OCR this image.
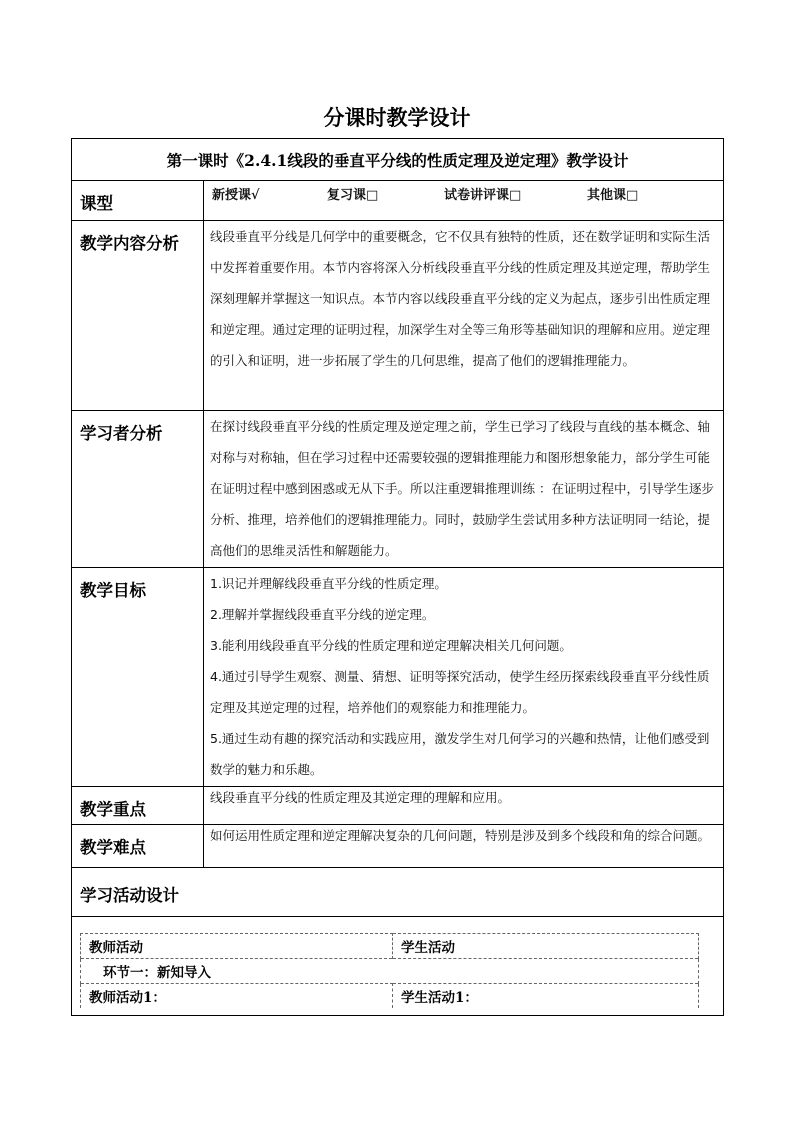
分课时教学设计
第一课时《2.4.1线段的垂直平分线的性质定理及逆定理》教学设计
课型	新授课√	复习课□	试卷讲评课□	其他课□

教学内容分析	线段垂直平分线是几何学中的重要概念，它不仅具有独特的性质，还在数学证明和实际生活中发挥着重要作用。本节内容将深入分析线段垂直平分线的性质定理及其逆定理，帮助学生深刻理解并掌握这一知识点。本节内容以线段垂直平分线的定义为起点，逐步引出性质定理和逆定理。通过定理的证明过程，加深学生对全等三角形等基础知识的理解和应用。逆定理的引入和证明，进一步拓展了学生的几何思维，提高了他们的逻辑推理能力。

学习者分析	在探讨线段垂直平分线的性质定理及逆定理之前，学生已学习了线段与直线的基本概念、轴对称与对称轴，但在学习过程中还需要较强的逻辑推理能力和图形想象能力，部分学生可能在证明过程中感到困惑或无从下手。所以注重逻辑推理训练 ：在证明过程中，引导学生逐步分析、推理，培养他们的逻辑推理能力。同时，鼓励学生尝试用多种方法证明同一结论，提高他们的思维灵活性和解题能力。

教学目标	1.识记并理解线段垂直平分线的性质定理。

2.理解并掌握线段垂直平分线的逆定理。

3.能利用线段垂直平分线的性质定理和逆定理解决相关几何问题。

4.通过引导学生观察、测量、猜想、证明等探究活动，使学生经历探索线段垂直平分线性质定理及其逆定理的过程，培养他们的观察能力和推理能力。

5.通过生动有趣的探究活动和实践应用，激发学生对几何学习的兴趣和热情，让他们感受到数学的魅力和乐趣。

教学重点	线段垂直平分线的性质定理及其逆定理的理解和应用。
教学难点	如何运用性质定理和逆定理解决复杂的几何问题，特别是涉及到多个线段和角的综合问题。
学习活动设计

教师活动	学生活动
环节一：新知导入
教师活动1：	学生活动1：
